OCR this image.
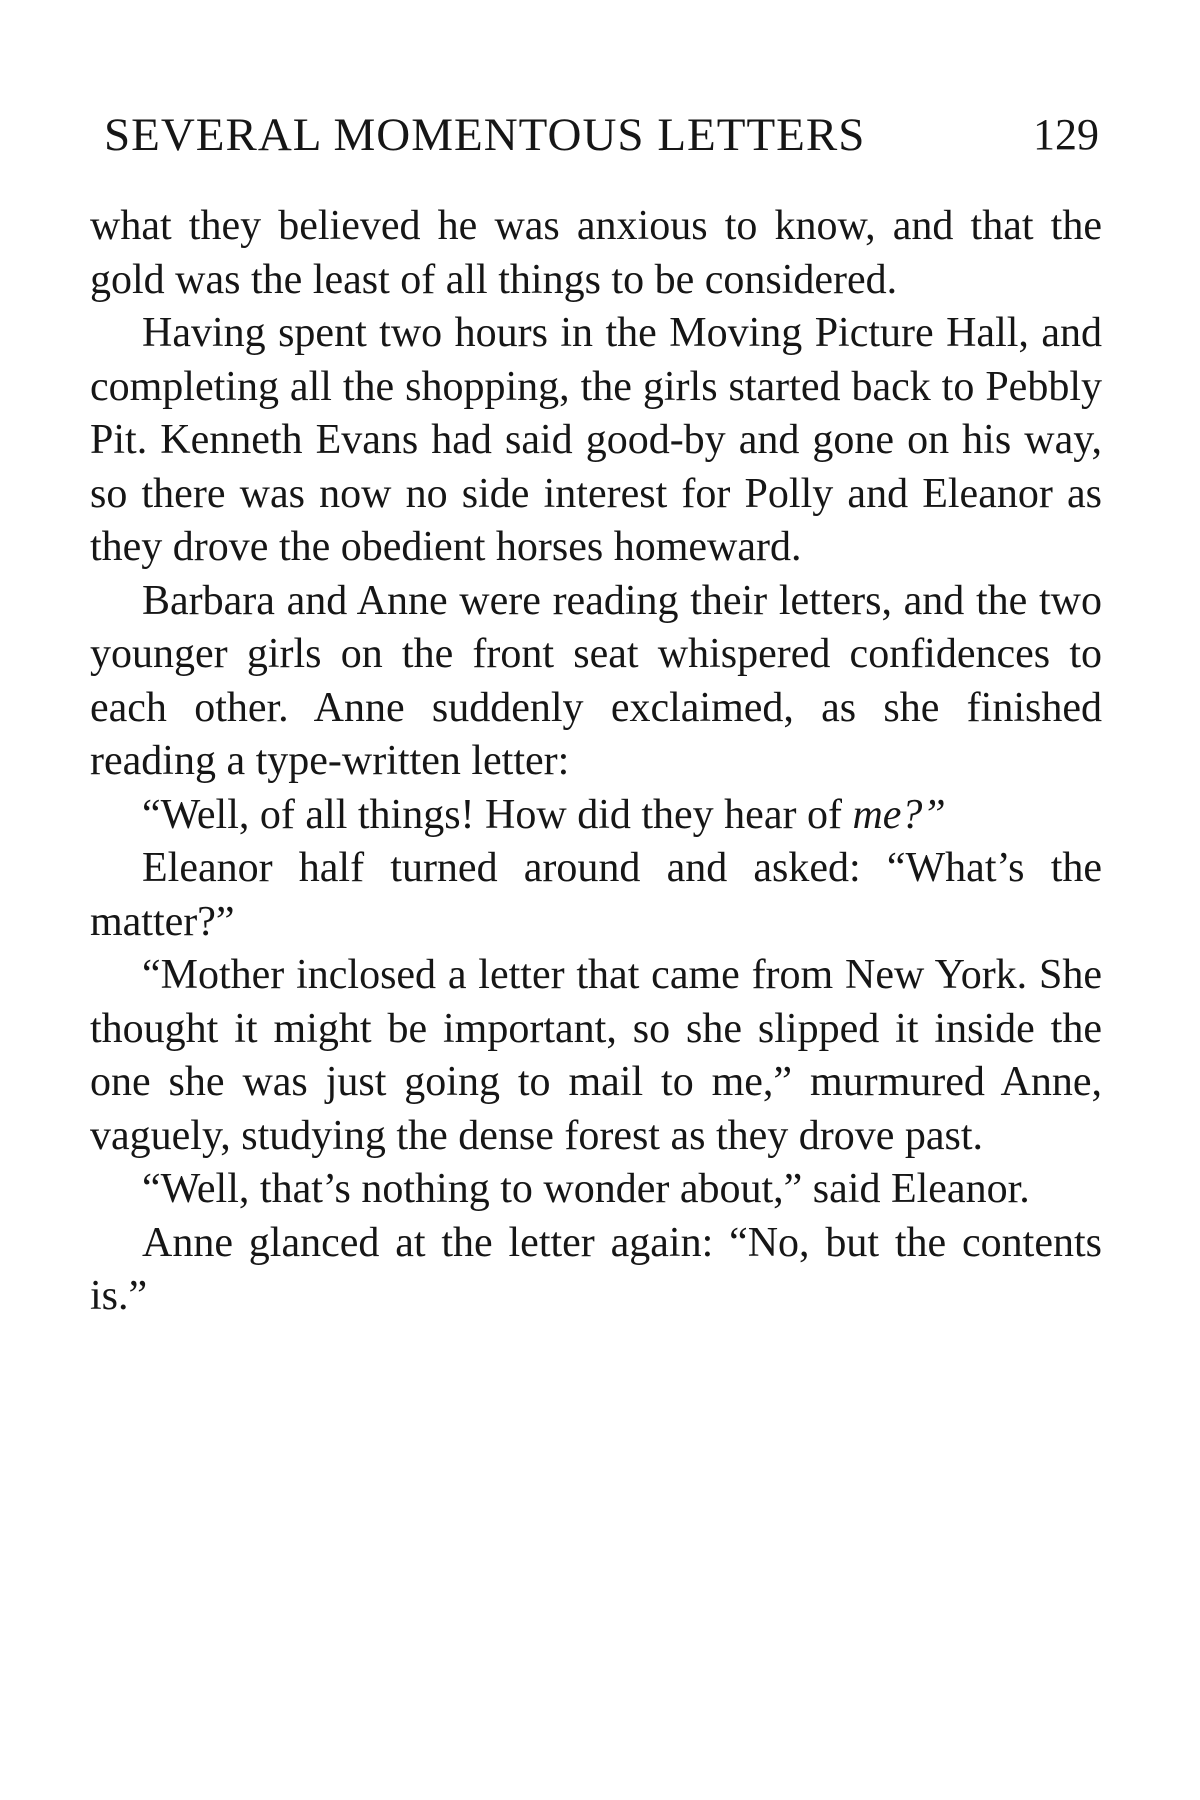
SEVERAL MOMENTOUS LETTERS	129

what they believed he was anxious to know, and that the gold was the least of all things to be considered.

Having spent two hours in the Moving Picture Hall, and completing all the shopping, the girls started back to Pebbly Pit. Kenneth Evans had said good-by and gone on his way, so there was now no side interest for Polly and Eleanor as they drove the obedient horses homeward.

Barbara and Anne were reading their letters, and the two younger girls on the front seat whispered confidences to each other. Anne suddenly exclaimed, as she finished reading a type-written letter:

“Well, of all things! How did they hear of me?”

Eleanor half turned around and asked: “What’s the matter?”

“Mother inclosed a letter that came from New York. She thought it might be important, so she slipped it inside the one she was just going to mail to me,” murmured Anne, vaguely, studying the dense forest as they drove past.

“Well, that’s nothing to wonder about,” said Eleanor.

Anne glanced at the letter again: “No, but the contents is.”
